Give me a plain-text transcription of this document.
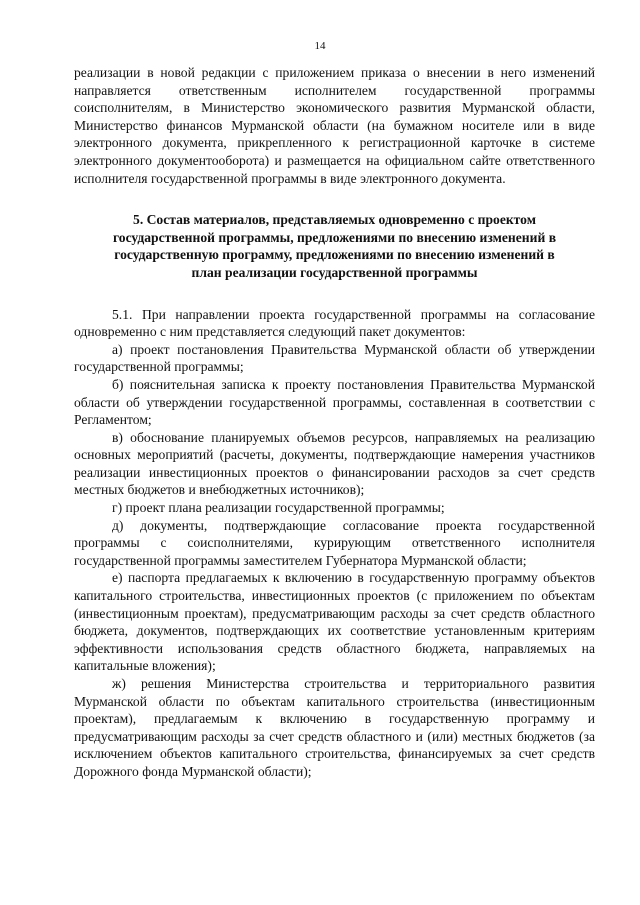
14

реализации в новой редакции с приложением приказа о внесении в него изменений направляется ответственным исполнителем государственной программы соисполнителям, в Министерство экономического развития Мурманской области, Министерство финансов Мурманской области (на бумажном носителе или в виде электронного документа, прикрепленного к регистрационной карточке в системе электронного документооборота) и размещается на официальном сайте ответственного исполнителя государственной программы в виде электронного документа.

5. Состав материалов, представляемых одновременно с проектом
государственной программы, предложениями по внесению изменений в
государственную программу, предложениями по внесению изменений в
план реализации государственной программы

5.1. При направлении проекта государственной программы на согласование одновременно с ним представляется следующий пакет документов:

а) проект постановления Правительства Мурманской области об утверждении государственной программы;

б) пояснительная записка к проекту постановления Правительства Мурманской области об утверждении государственной программы, составленная в соответствии с Регламентом;

в) обоснование планируемых объемов ресурсов, направляемых на реализацию основных мероприятий (расчеты, документы, подтверждающие намерения участников реализации инвестиционных проектов о финансировании расходов за счет средств местных бюджетов и внебюджетных источников);

г) проект плана реализации государственной программы;

д) документы, подтверждающие согласование проекта государственной программы с соисполнителями, курирующим ответственного исполнителя государственной программы заместителем Губернатора Мурманской области;

е) паспорта предлагаемых к включению в государственную программу объектов капитального строительства, инвестиционных проектов (с приложением по объектам (инвестиционным проектам), предусматривающим расходы за счет средств областного бюджета, документов, подтверждающих их соответствие установленным критериям эффективности использования средств областного бюджета, направляемых на капитальные вложения);

ж) решения Министерства строительства и территориального развития Мурманской области по объектам капитального строительства (инвестиционным проектам), предлагаемым к включению в государственную программу и предусматривающим расходы за счет средств областного и (или) местных бюджетов (за исключением объектов капитального строительства, финансируемых за счет средств Дорожного фонда Мурманской области);
